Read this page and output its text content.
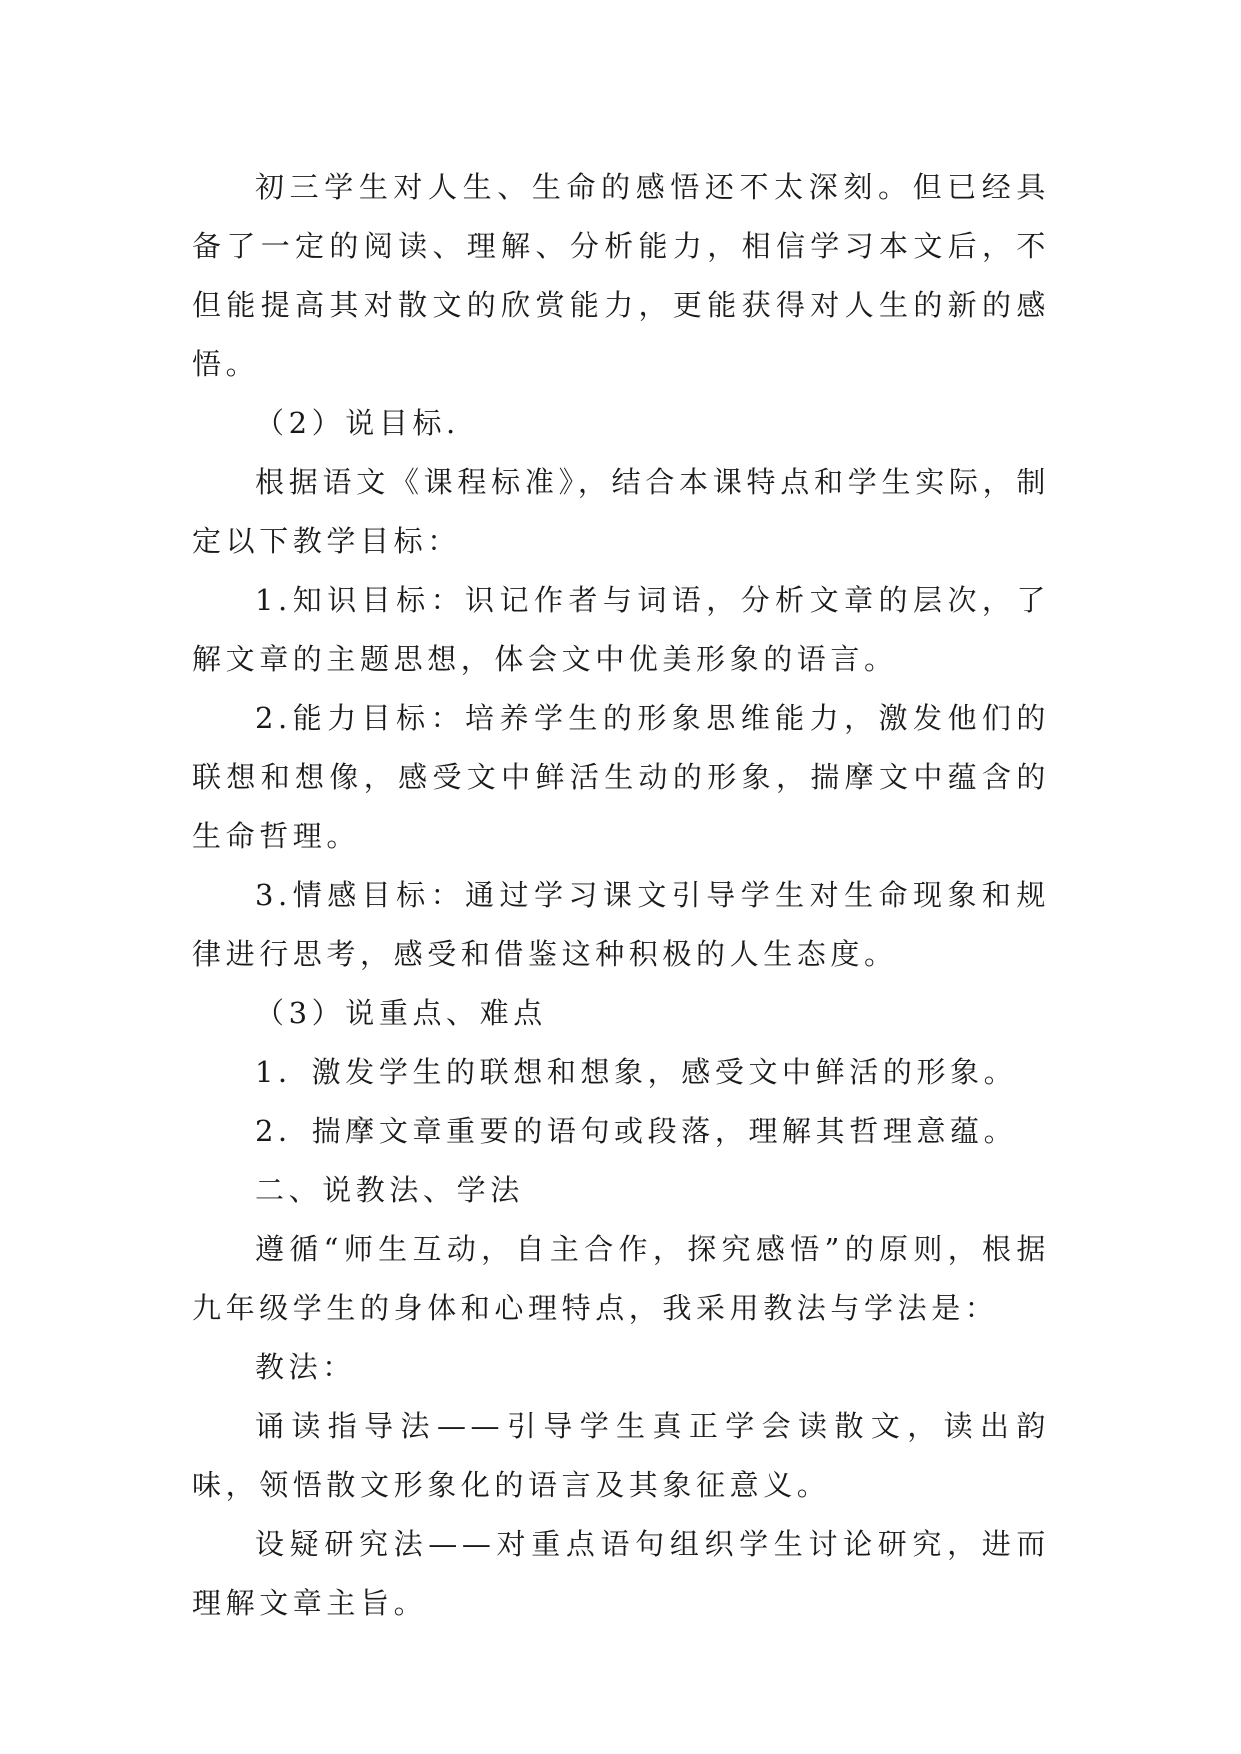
初三学生对人生、生命的感悟还不太深刻。但已经具备了一定的阅读、理解、分析能力，相信学习本文后，不但能提高其对散文的欣赏能力，更能获得对人生的新的感悟。

（2）说目标.

根据语文《课程标准》，结合本课特点和学生实际，制定以下教学目标：

1.知识目标：识记作者与词语，分析文章的层次，了解文章的主题思想，体会文中优美形象的语言。

2.能力目标：培养学生的形象思维能力，激发他们的联想和想像，感受文中鲜活生动的形象，揣摩文中蕴含的生命哲理。

3.情感目标：通过学习课文引导学生对生命现象和规律进行思考，感受和借鉴这种积极的人生态度。

（3）说重点、难点

1．激发学生的联想和想象，感受文中鲜活的形象。

2．揣摩文章重要的语句或段落，理解其哲理意蕴。

二、说教法、学法

遵循“师生互动，自主合作，探究感悟”的原则，根据九年级学生的身体和心理特点，我采用教法与学法是：

教法：

诵读指导法——引导学生真正学会读散文，读出韵味，领悟散文形象化的语言及其象征意义。

设疑研究法——对重点语句组织学生讨论研究，进而理解文章主旨。
